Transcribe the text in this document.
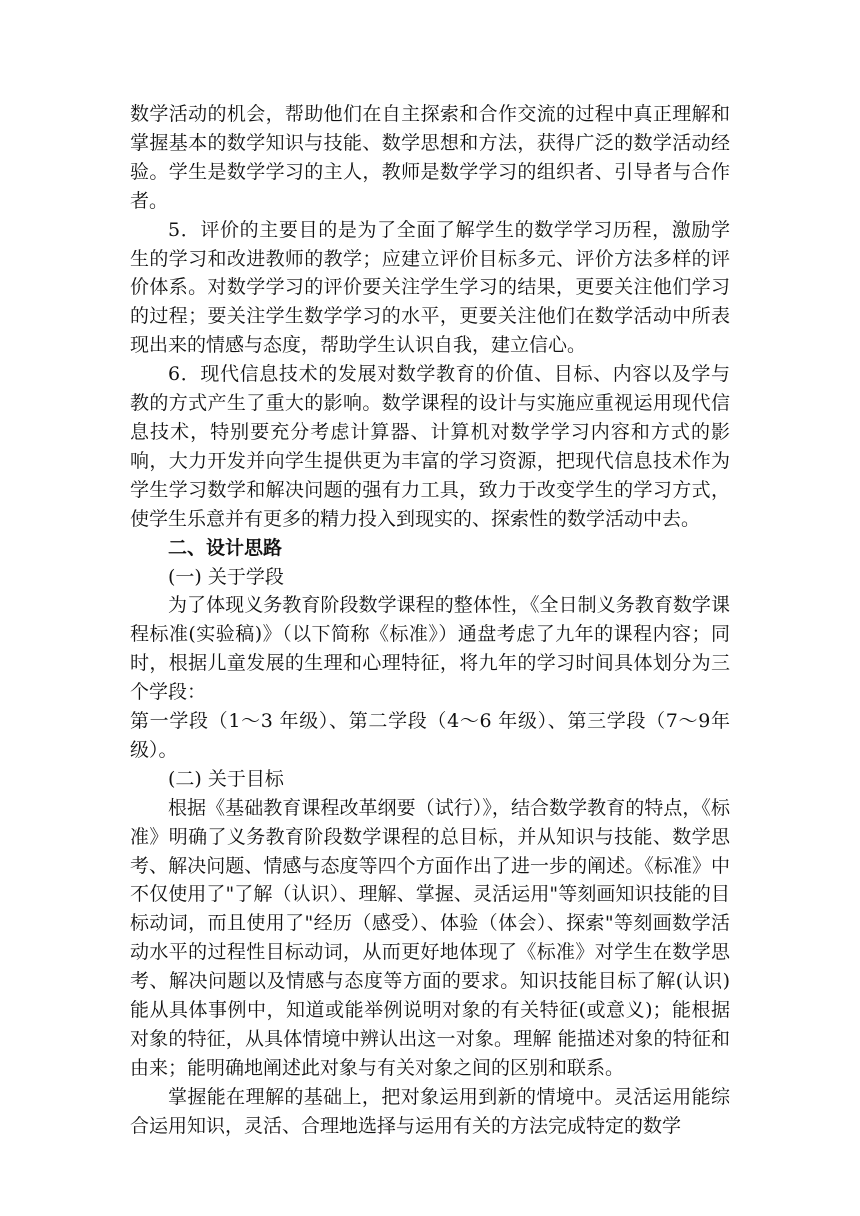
数学活动的机会，帮助他们在自主探索和合作交流的过程中真正理解和掌握基本的数学知识与技能、数学思想和方法，获得广泛的数学活动经验。学生是数学学习的主人，教师是数学学习的组织者、引导者与合作者。

5．评价的主要目的是为了全面了解学生的数学学习历程，激励学生的学习和改进教师的教学；应建立评价目标多元、评价方法多样的评价体系。对数学学习的评价要关注学生学习的结果，更要关注他们学习的过程；要关注学生数学学习的水平，更要关注他们在数学活动中所表现出来的情感与态度，帮助学生认识自我，建立信心。

6．现代信息技术的发展对数学教育的价值、目标、内容以及学与教的方式产生了重大的影响。数学课程的设计与实施应重视运用现代信息技术，特别要充分考虑计算器、计算机对数学学习内容和方式的影响，大力开发并向学生提供更为丰富的学习资源，把现代信息技术作为学生学习数学和解决问题的强有力工具，致力于改变学生的学习方式，使学生乐意并有更多的精力投入到现实的、探索性的数学活动中去。

二、设计思路

(一) 关于学段

为了体现义务教育阶段数学课程的整体性，《全日制义务教育数学课程标准(实验稿)》（以下简称《标准》）通盘考虑了九年的课程内容；同时，根据儿童发展的生理和心理特征，将九年的学习时间具体划分为三个学段：

第一学段（1～3 年级）、第二学段（4～6 年级）、第三学段（7～9年级）。

(二) 关于目标

根据《基础教育课程改革纲要（试行）》，结合数学教育的特点，《标准》明确了义务教育阶段数学课程的总目标，并从知识与技能、数学思考、解决问题、情感与态度等四个方面作出了进一步的阐述。《标准》中不仅使用了"了解（认识）、理解、掌握、灵活运用"等刻画知识技能的目标动词，而且使用了"经历（感受）、体验（体会）、探索"等刻画数学活动水平的过程性目标动词，从而更好地体现了《标准》对学生在数学思考、解决问题以及情感与态度等方面的要求。知识技能目标了解(认识) 能从具体事例中，知道或能举例说明对象的有关特征(或意义)；能根据对象的特征，从具体情境中辨认出这一对象。理解 能描述对象的特征和由来；能明确地阐述此对象与有关对象之间的区别和联系。

掌握能在理解的基础上，把对象运用到新的情境中。灵活运用能综合运用知识，灵活、合理地选择与运用有关的方法完成特定的数学
